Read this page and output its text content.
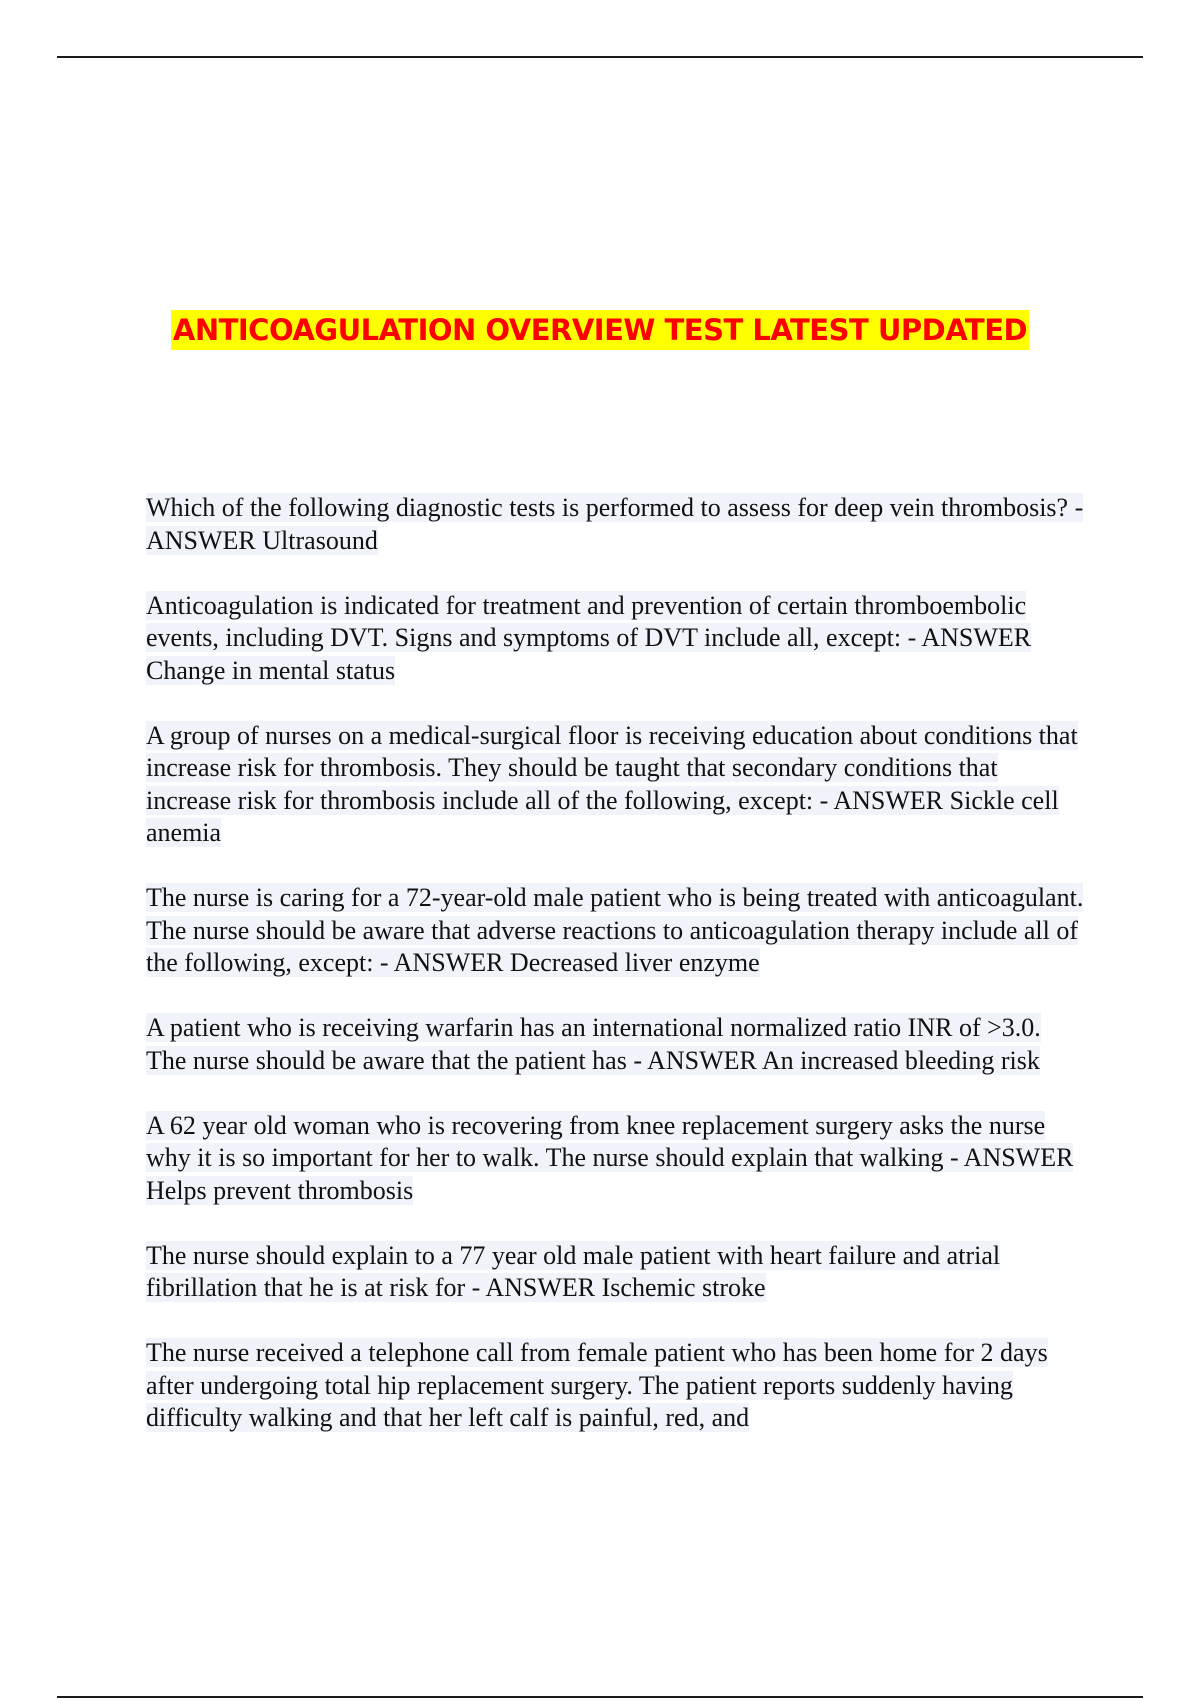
ANTICOAGULATION OVERVIEW TEST LATEST UPDATED

Which of the following diagnostic tests is performed to assess for deep vein thrombosis? - ANSWER Ultrasound

Anticoagulation is indicated for treatment and prevention of certain thromboembolic events, including DVT. Signs and symptoms of DVT include all, except: - ANSWER Change in mental status

A group of nurses on a medical-surgical floor is receiving education about conditions that increase risk for thrombosis. They should be taught that secondary conditions that increase risk for thrombosis include all of the following, except: - ANSWER Sickle cell anemia

The nurse is caring for a 72-year-old male patient who is being treated with anticoagulant. The nurse should be aware that adverse reactions to anticoagulation therapy include all of the following, except: - ANSWER Decreased liver enzyme

A patient who is receiving warfarin has an international normalized ratio INR of >3.0. The nurse should be aware that the patient has - ANSWER An increased bleeding risk

A 62 year old woman who is recovering from knee replacement surgery asks the nurse why it is so important for her to walk. The nurse should explain that walking - ANSWER Helps prevent thrombosis

The nurse should explain to a 77 year old male patient with heart failure and atrial fibrillation that he is at risk for - ANSWER Ischemic stroke

The nurse received a telephone call from female patient who has been home for 2 days after undergoing total hip replacement surgery. The patient reports suddenly having difficulty walking and that her left calf is painful, red, and
